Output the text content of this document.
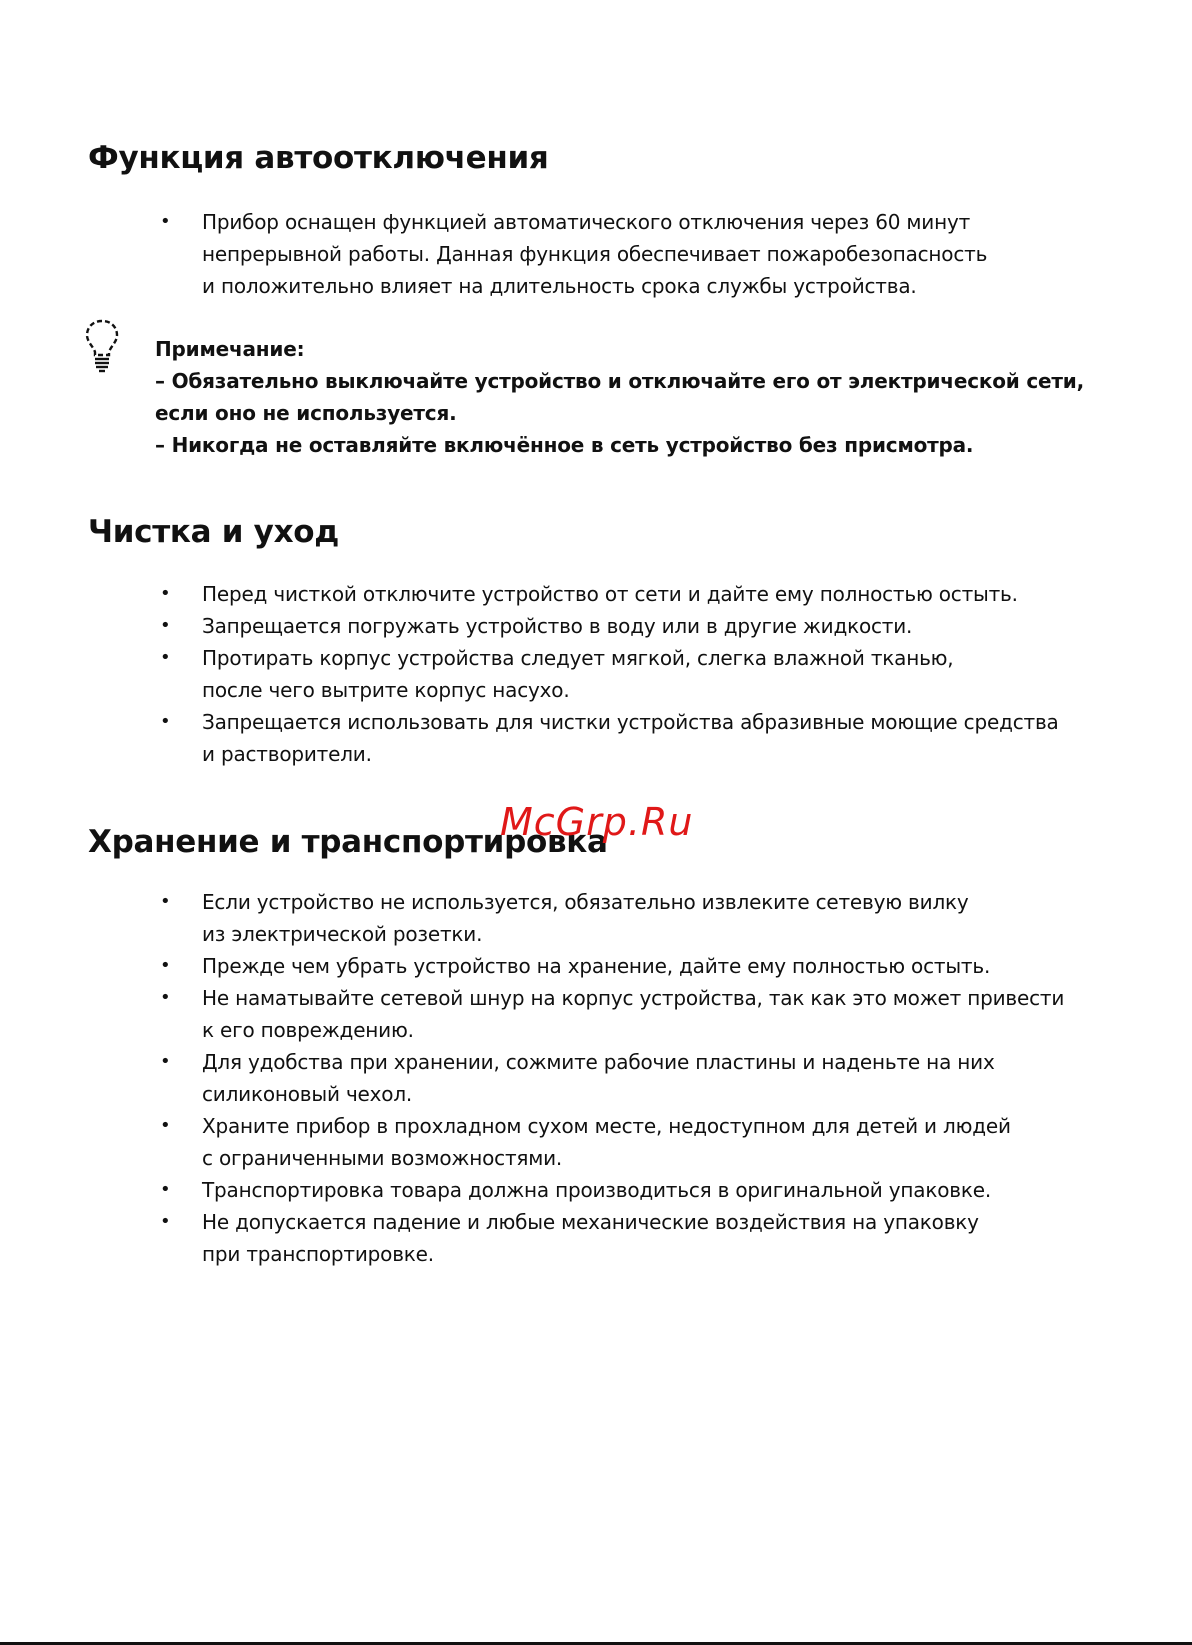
Функция автоотключения
•	Прибор оснащен функцией автоматического отключения через 60 минут
непрерывной работы. Данная функция обеспечивает пожаробезопасность
и положительно влияет на длительность срока службы устройства.
Примечание:
– Обязательно выключайте устройство и отключайте его от электрической сети,
если оно не используется.
– Никогда не оставляйте включённое в сеть устройство без присмотра.
Чистка и уход
•	Перед чисткой отключите устройство от сети и дайте ему полностью остыть.
•	Запрещается погружать устройство в воду или в другие жидкости.
•	Протирать корпус устройства следует мягкой, слегка влажной тканью,
после чего вытрите корпус насухо.
•	Запрещается использовать для чистки устройства абразивные моющие средства
и растворители.
Хранение и транспортировка
McGrp.Ru
•	Если устройство не используется, обязательно извлеките сетевую вилку
из электрической розетки.
•	Прежде чем убрать устройство на хранение, дайте ему полностью остыть.
•	Не наматывайте сетевой шнур на корпус устройства, так как это может привести
к его повреждению.
•	Для удобства при хранении, сожмите рабочие пластины и наденьте на них
силиконовый чехол.
•	Храните прибор в прохладном сухом месте, недоступном для детей и людей
с ограниченными возможностями.
•	Транспортировка товара должна производиться в оригинальной упаковке.
•	Не допускается падение и любые механические воздействия на упаковку
при транспортировке.
